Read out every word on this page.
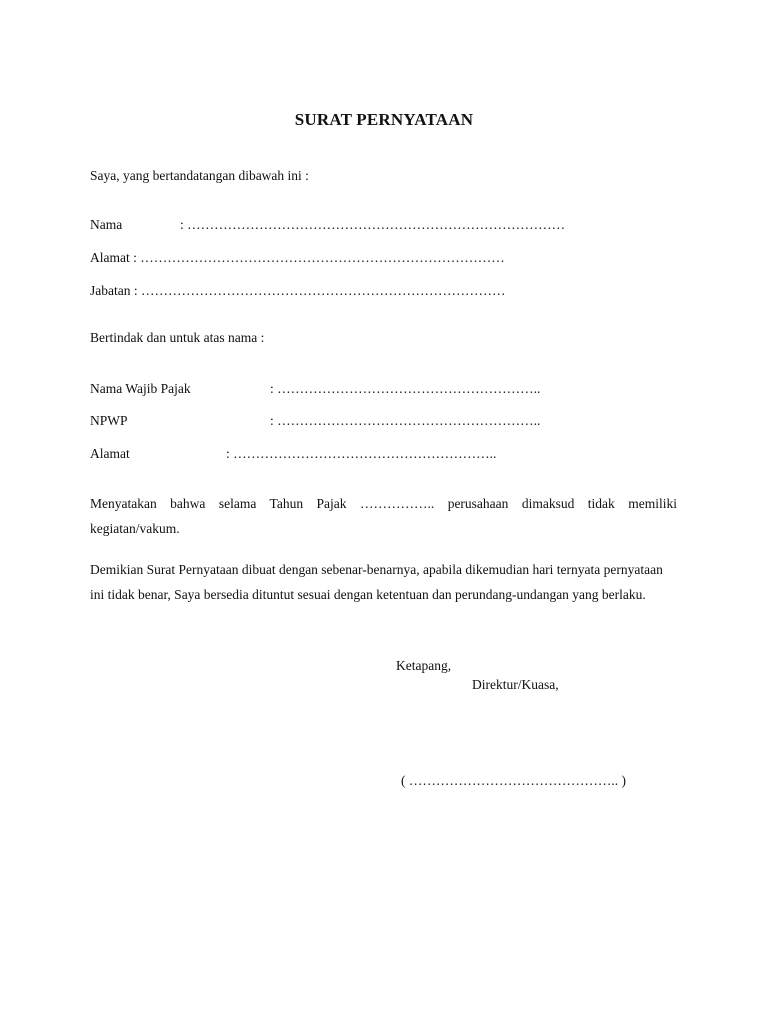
SURAT PERNYATAAN
Saya, yang bertandatangan dibawah ini :
Nama	: …………………………………………………………………………
Alamat : ………………………………………………………………………
Jabatan : ………………………………………………………………………
Bertindak dan untuk atas nama :
Nama Wajib Pajak	: …………………………………………………..
NPWP	: …………………………………………………..
Alamat	: …………………………………………………..
Menyatakan bahwa selama Tahun Pajak …………….. perusahaan dimaksud tidak memiliki
kegiatan/vakum.
Demikian Surat Pernyataan dibuat dengan sebenar-benarnya, apabila dikemudian hari ternyata pernyataan
ini tidak benar, Saya bersedia dituntut sesuai dengan ketentuan dan perundang-undangan yang berlaku.
Ketapang,
Direktur/Kuasa,
( ……………………………………….. )
